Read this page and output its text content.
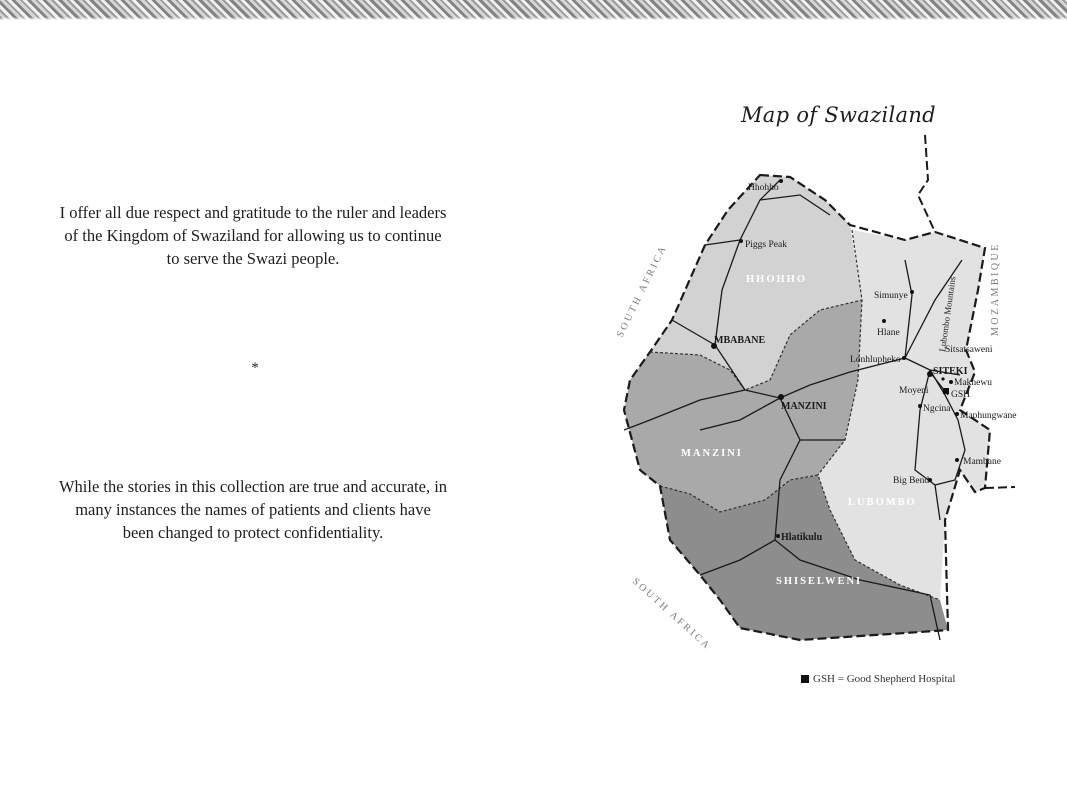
I offer all due respect and gratitude to the ruler and leaders of the Kingdom of Swaziland for allowing us to continue to serve the Swazi people.
*
While the stories in this collection are true and accurate, in many instances the names of patients and clients have been changed to protect confidentiality.
Map of Swaziland
Hhohho
Piggs Peak
MBABANE
MANZINI
Simunye
Hlane
Lonhlupheko
Sitsatsaweni
SITEKI
Makhewu
GSH
Moyeni
Ngcina
Maphungwane
Mambane
Big Bend
Hlatikulu
HHOHHO
MANZINI
LUBOMBO
SHISELWENI
SOUTH AFRICA
SOUTH AFRICA
MOZAMBIQUE
Lubombo Mountains
GSH = Good Shepherd Hospital
